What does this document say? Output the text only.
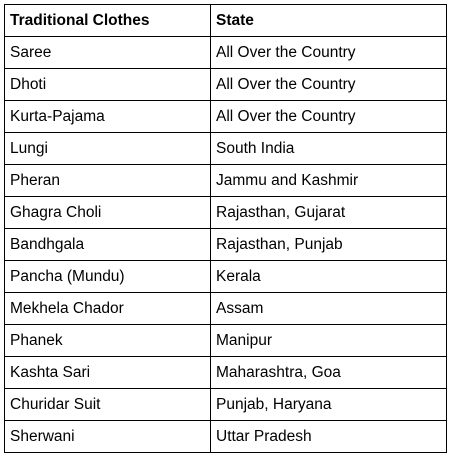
Traditional Clothes	State
Saree	All Over the Country
Dhoti	All Over the Country
Kurta-Pajama	All Over the Country
Lungi	South India
Pheran	Jammu and Kashmir
Ghagra Choli	Rajasthan, Gujarat
Bandhgala	Rajasthan, Punjab
Pancha (Mundu)	Kerala
Mekhela Chador	Assam
Phanek	Manipur
Kashta Sari	Maharashtra, Goa
Churidar Suit	Punjab, Haryana
Sherwani	Uttar Pradesh
